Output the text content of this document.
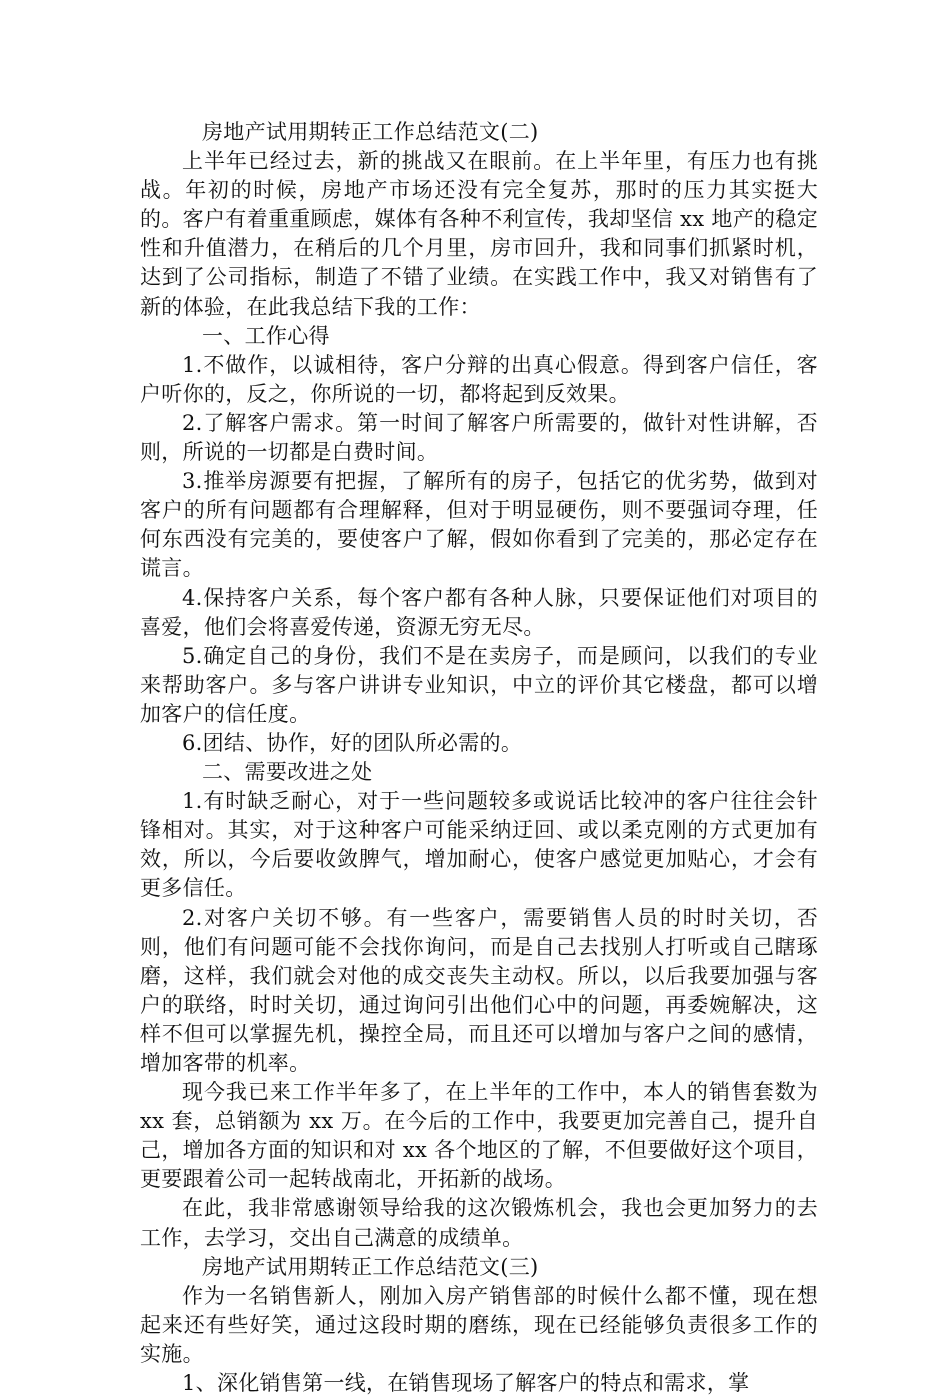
房地产试用期转正工作总结范文(二)

上半年已经过去，新的挑战又在眼前。在上半年里，有压力也有挑战。年初的时候，房地产市场还没有完全复苏，那时的压力其实挺大的。客户有着重重顾虑，媒体有各种不利宣传，我却坚信 xx 地产的稳定性和升值潜力，在稍后的几个月里，房市回升，我和同事们抓紧时机，达到了公司指标，制造了不错了业绩。在实践工作中，我又对销售有了新的体验，在此我总结下我的工作：

一、工作心得

1.不做作，以诚相待，客户分辩的出真心假意。得到客户信任，客户听你的，反之，你所说的一切，都将起到反效果。

2.了解客户需求。第一时间了解客户所需要的，做针对性讲解，否则，所说的一切都是白费时间。

3.推举房源要有把握，了解所有的房子，包括它的优劣势，做到对客户的所有问题都有合理解释，但对于明显硬伤，则不要强词夺理，任何东西没有完美的，要使客户了解，假如你看到了完美的，那必定存在谎言。

4.保持客户关系，每个客户都有各种人脉，只要保证他们对项目的喜爱，他们会将喜爱传递，资源无穷无尽。

5.确定自己的身份，我们不是在卖房子，而是顾问，以我们的专业来帮助客户。多与客户讲讲专业知识，中立的评价其它楼盘，都可以增加客户的信任度。

6.团结、协作，好的团队所必需的。

二、需要改进之处

1.有时缺乏耐心，对于一些问题较多或说话比较冲的客户往往会针锋相对。其实，对于这种客户可能采纳迂回、或以柔克刚的方式更加有效，所以，今后要收敛脾气，增加耐心，使客户感觉更加贴心，才会有更多信任。

2.对客户关切不够。有一些客户，需要销售人员的时时关切，否则，他们有问题可能不会找你询问，而是自己去找别人打听或自己瞎琢磨，这样，我们就会对他的成交丧失主动权。所以，以后我要加强与客户的联络，时时关切，通过询问引出他们心中的问题，再委婉解决，这样不但可以掌握先机，操控全局，而且还可以增加与客户之间的感情，增加客带的机率。

现今我已来工作半年多了，在上半年的工作中，本人的销售套数为 xx 套，总销额为 xx 万。在今后的工作中，我要更加完善自己，提升自己，增加各方面的知识和对 xx 各个地区的了解，不但要做好这个项目，更要跟着公司一起转战南北，开拓新的战场。

在此，我非常感谢领导给我的这次锻炼机会，我也会更加努力的去工作，去学习，交出自己满意的成绩单。

房地产试用期转正工作总结范文(三)

作为一名销售新人，刚加入房产销售部的时候什么都不懂，现在想起来还有些好笑，通过这段时期的磨练，现在已经能够负责很多工作的实施。

1、深化销售第一线，在销售现场了解客户的特点和需求，掌
